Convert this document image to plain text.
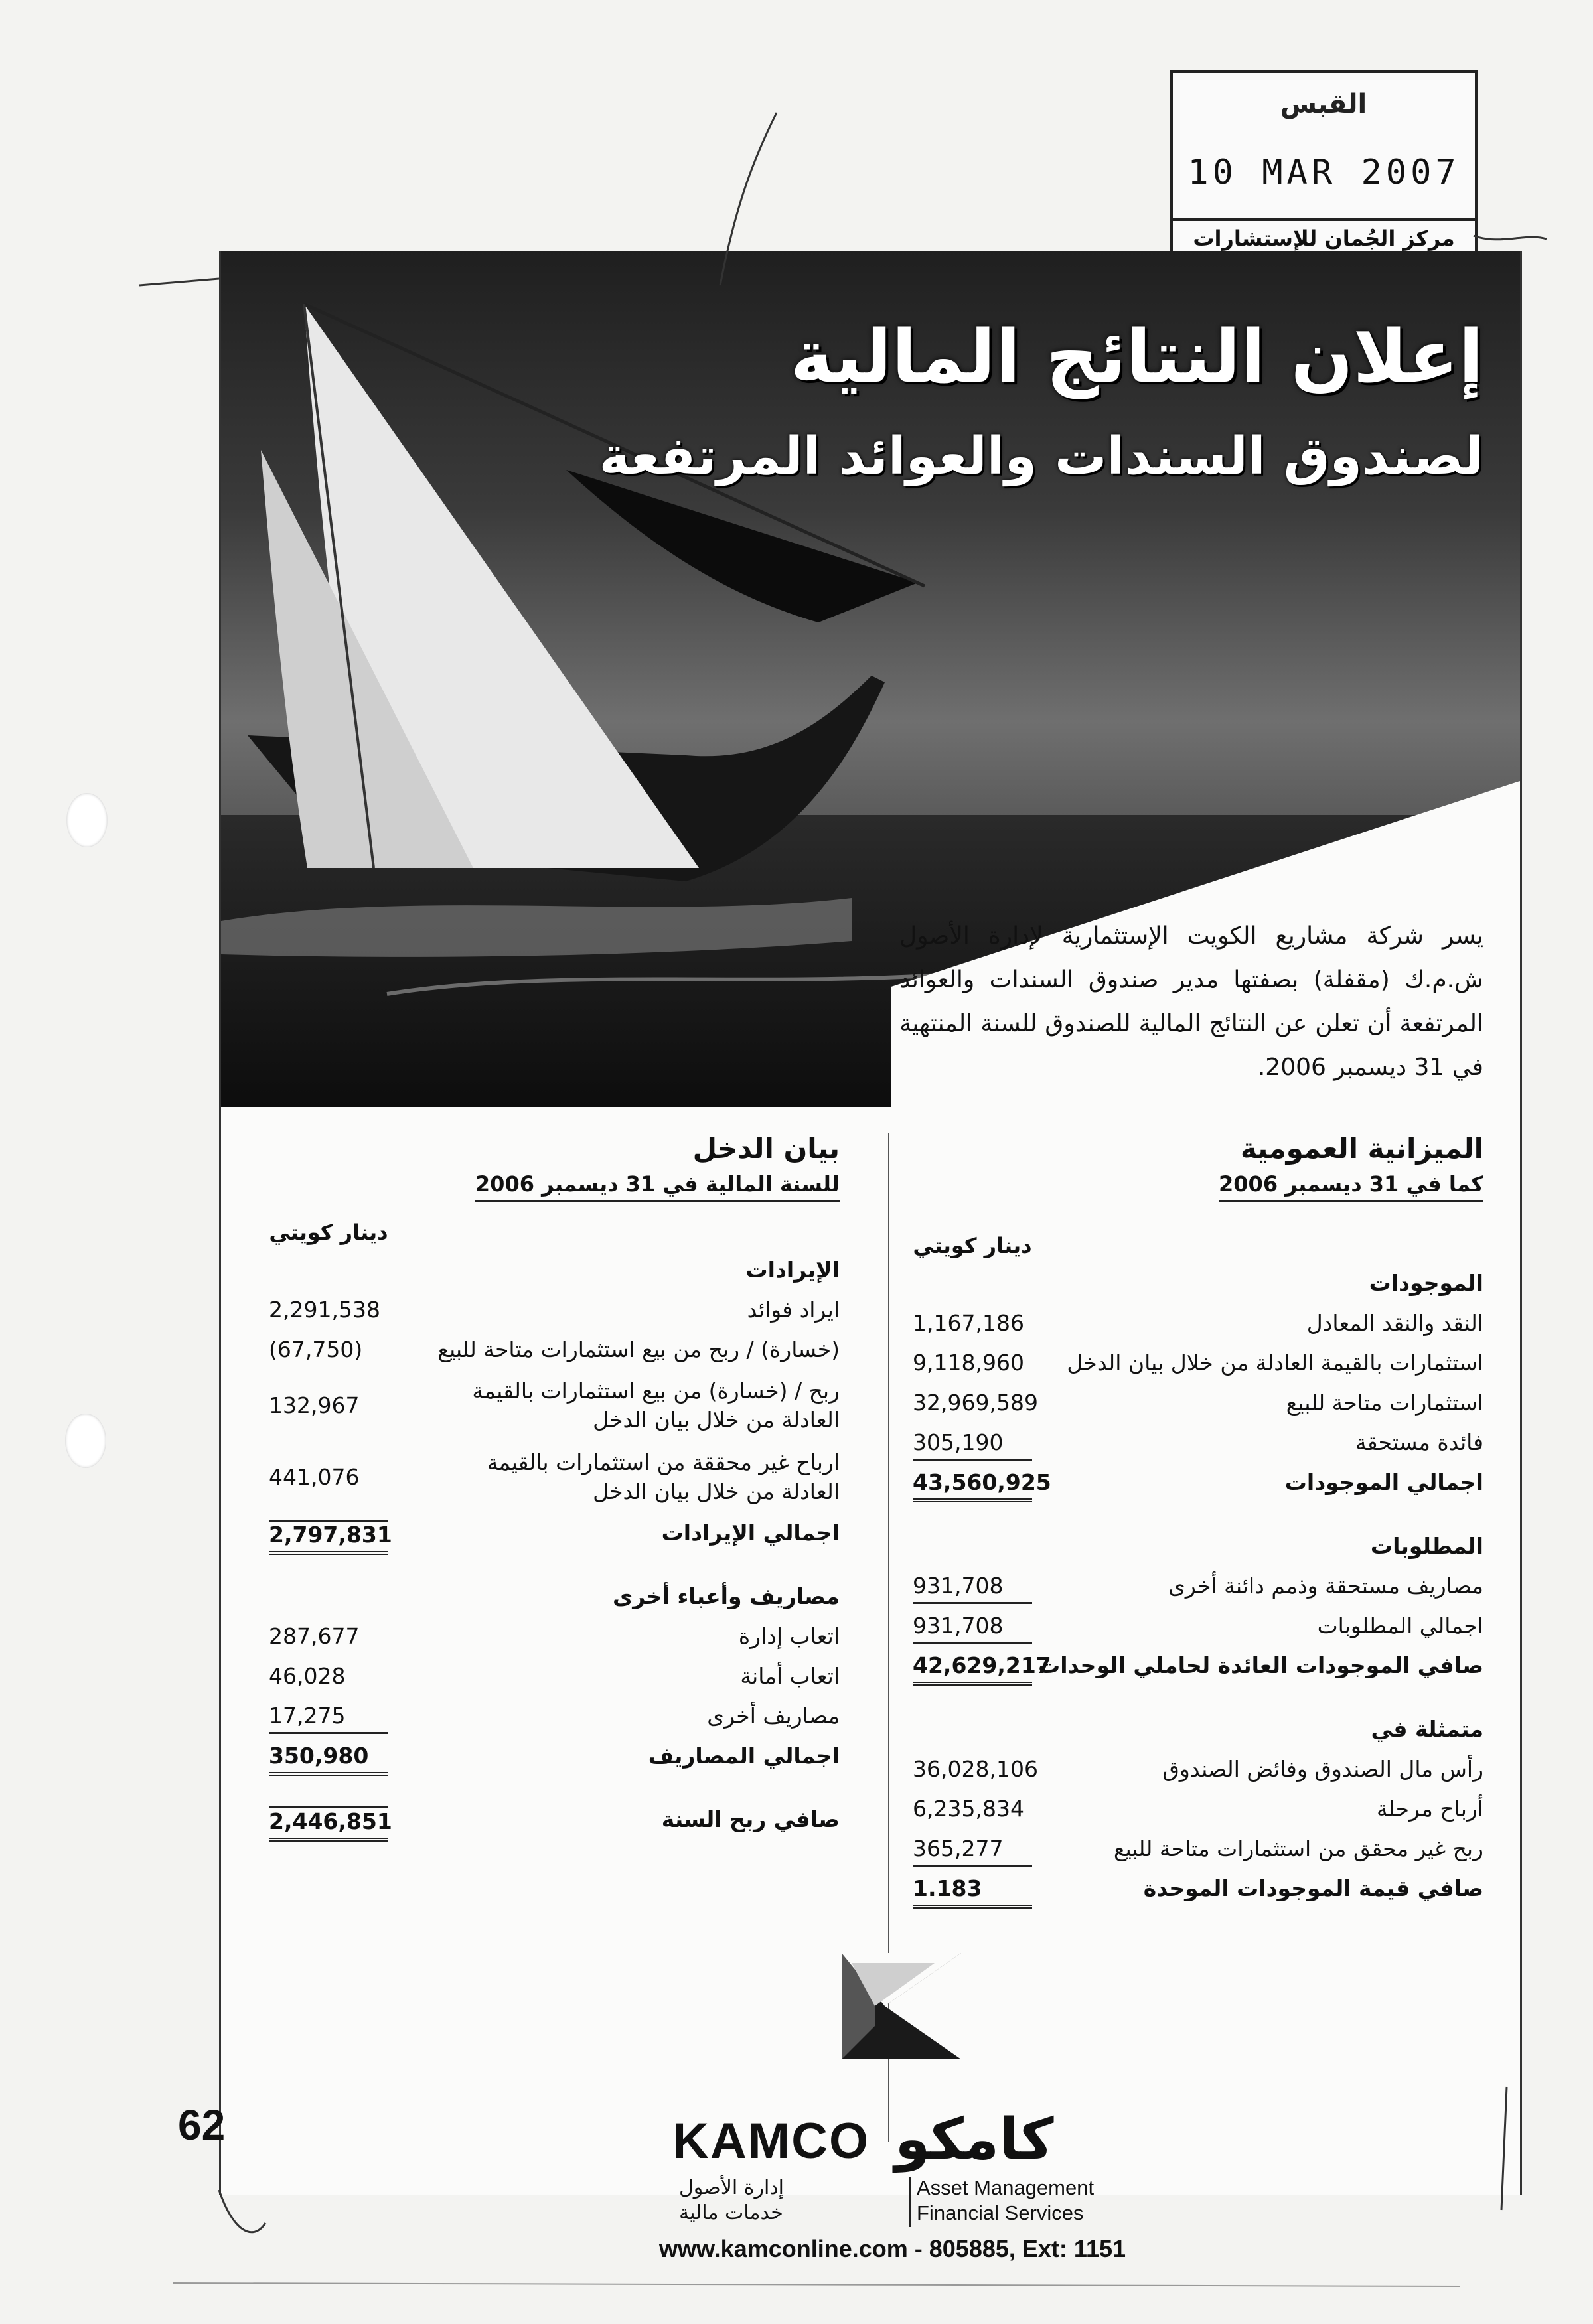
القبس
10 MAR 2007
مركز الجُمان للإستشارات
إعلان النتائج المالية
لصندوق السندات والعوائد المرتفعة
يسر شركة مشاريع الكويت الإستثمارية لإدارة الأصول ش.م.ك (مقفلة) بصفتها مدير صندوق السندات والعوائد المرتفعة أن تعلن عن النتائج المالية للصندوق للسنة المنتهية في 31 ديسمبر 2006.
الميزانية العمومية
كما في 31 ديسمبر 2006
دينار كويتي
الموجودات
النقد والنقد المعادل
1,167,186
استثمارات بالقيمة العادلة من خلال بيان الدخل
9,118,960
استثمارات متاحة للبيع
32,969,589
فائدة مستحقة
305,190
اجمالي الموجودات
43,560,925
المطلوبات
مصاريف مستحقة وذمم دائنة أخرى
931,708
اجمالي المطلوبات
931,708
صافي الموجودات العائدة لحاملي الوحدات
42,629,217
متمثلة في
رأس مال الصندوق وفائض الصندوق
36,028,106
أرباح مرحلة
6,235,834
ربح غير محقق من استثمارات متاحة للبيع
365,277
صافي قيمة الموجودات الموحدة
1.183
بيان الدخل
للسنة المالية في 31 ديسمبر 2006
دينار كويتي
الإيرادات
ايراد فوائد
2,291,538
(خسارة) / ربح من بيع استثمارات متاحة للبيع
(67,750)
ربح / (خسارة) من بيع استثمارات بالقيمة العادلة من خلال بيان الدخل
132,967
ارباح غير محققة من استثمارات بالقيمة العادلة من خلال بيان الدخل
441,076
اجمالي الإيرادات
2,797,831
مصاريف وأعباء أخرى
اتعاب إدارة
287,677
اتعاب أمانة
46,028
مصاريف أخرى
17,275
اجمالي المصاريف
350,980
صافي ربح السنة
2,446,851
KAMCO كامكو
إدارة الأصول
خدمات مالية
Asset Management
Financial Services
www.kamconline.com - 805885, Ext: 1151
62
